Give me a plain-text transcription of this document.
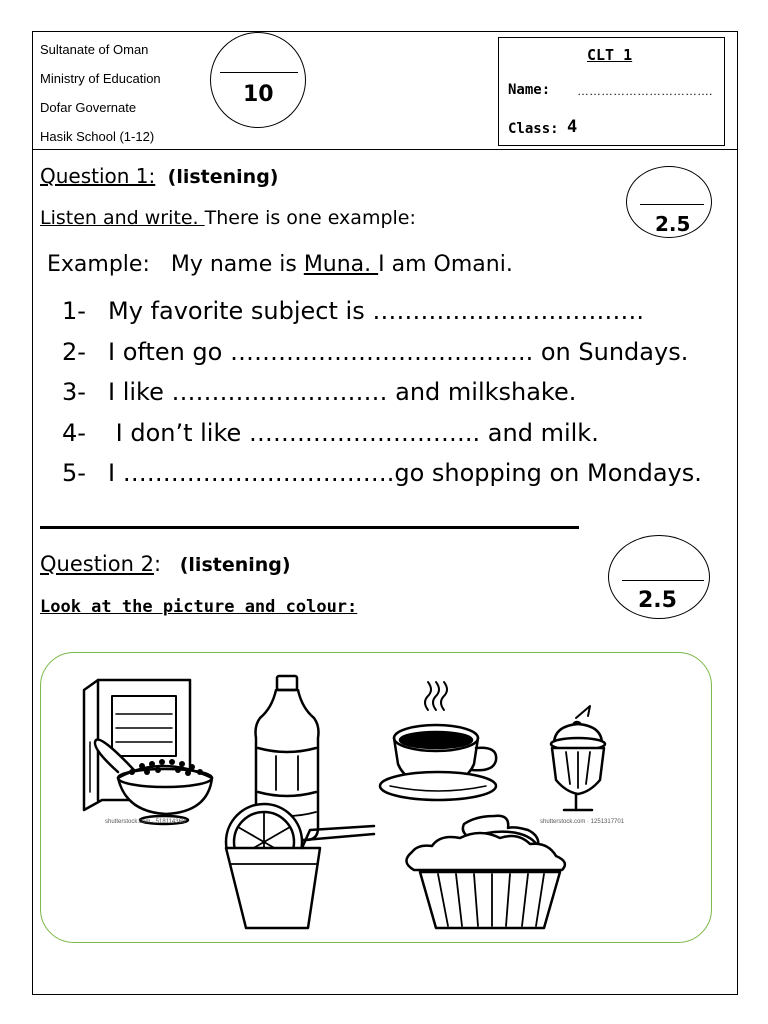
Sultanate of Oman
Ministry of Education
Dofar Governate
Hasik School (1-12)
10
CLT 1
Name: …………………………….
Class: 4
Question 1: (listening)
Listen and write. There is one example:	2.5
Example: My name is Muna. I am Omani.
1- My favorite subject is …………………………….
2- I often go ……………………………….. on Sundays.
3- I like ……………………… and milkshake.
4- I don’t like ……………………….. and milk.
5- I …………………………….go shopping on Mondays.
Question 2: (listening)
Look at the picture and colour:	2.5
shutterstock.com · 518114368	shutterstock.com · 1251317701
